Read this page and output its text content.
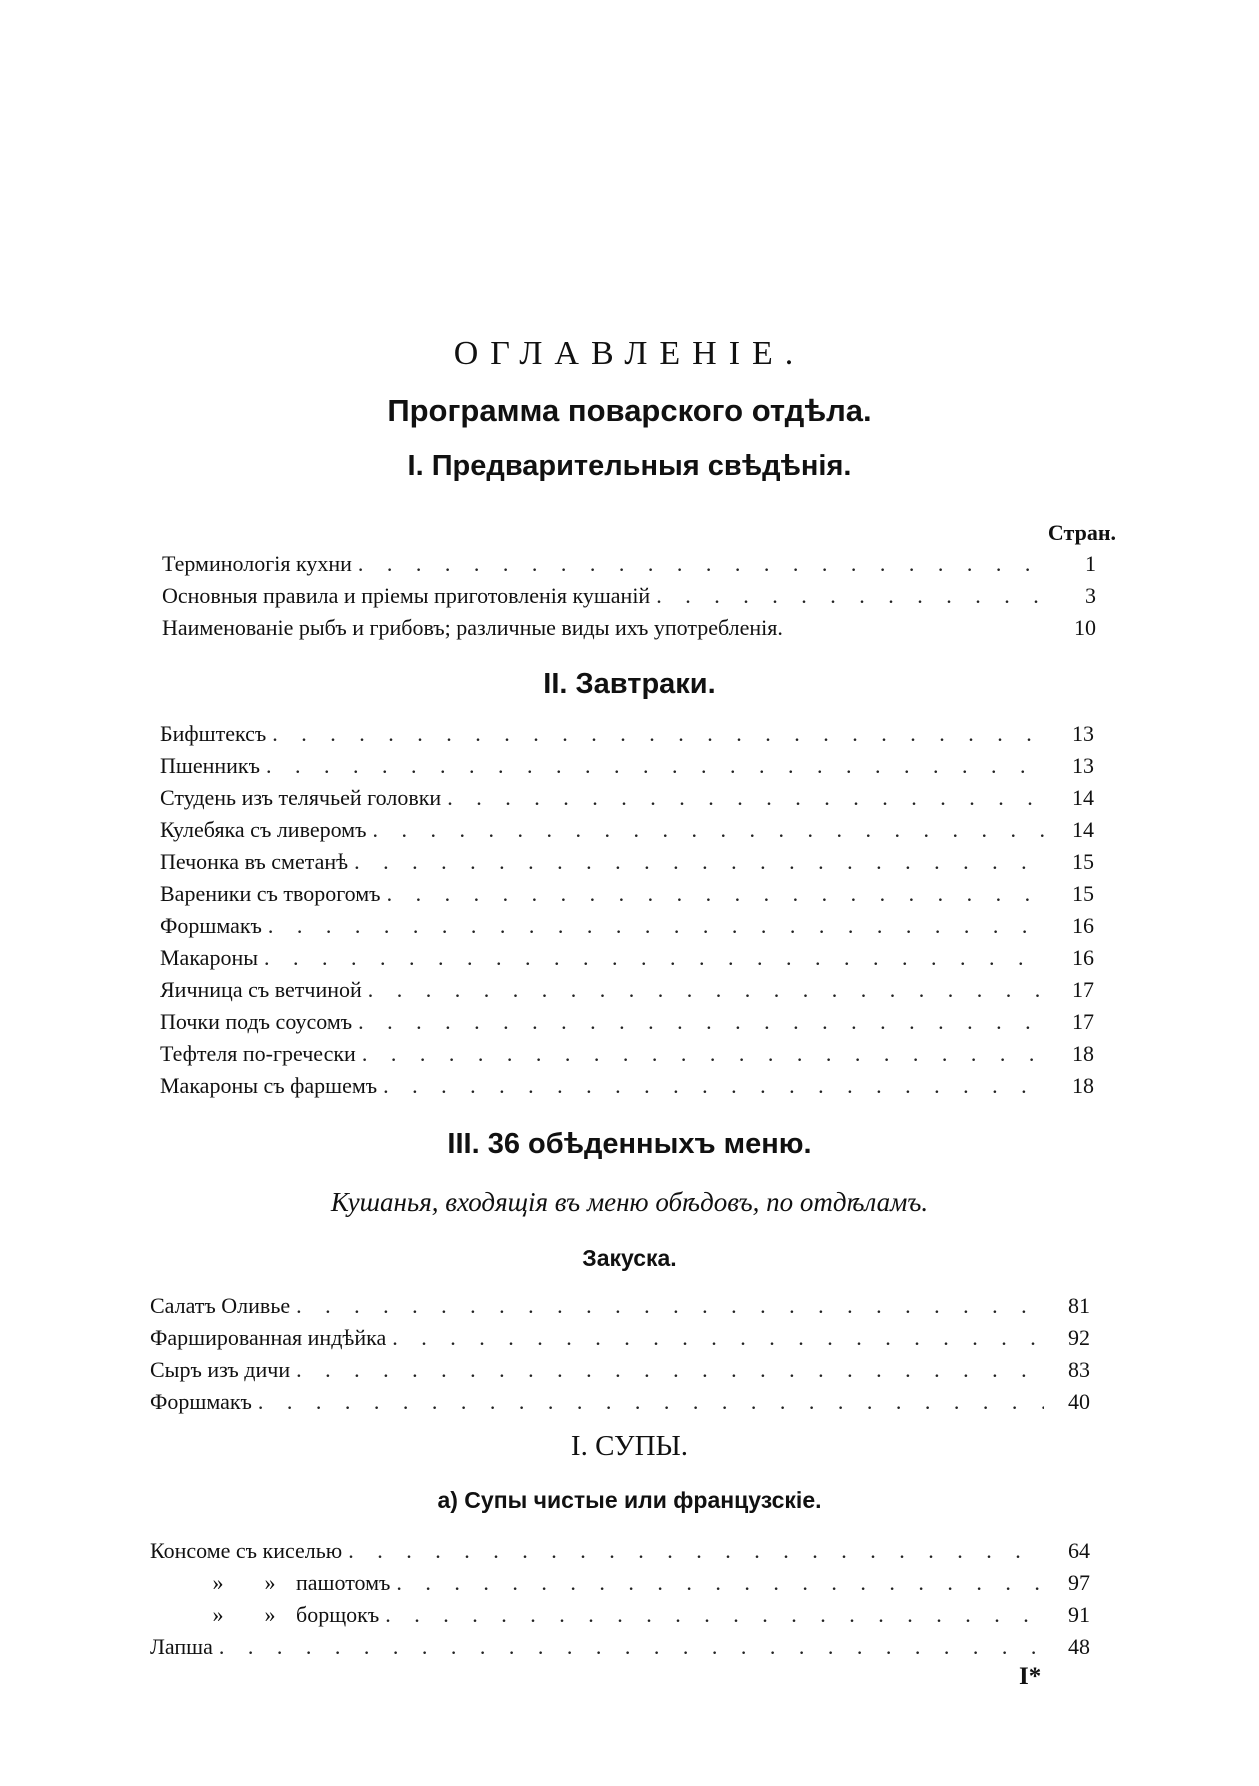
ОГЛАВЛЕНІЕ.
Программа поварского отдѣла.
I. Предварительныя свѣдѣнія.
Стран.
Терминологія кухни . . .	1
Основныя правила и пріемы приготовленія кушаній . . .	3
Наименованіе рыбъ и грибовъ; различные виды ихъ употребленія.	10
II. Завтраки.
Бифштексъ . . .	13
Пшенникъ . . .	13
Студень изъ телячьей головки . . .	14
Кулебяка съ ливеромъ . . .	14
Печонка въ сметанѣ . . .	15
Вареники съ творогомъ . . .	15
Форшмакъ . . .	16
Макароны . . .	16
Яичница съ ветчиной . . .	17
Почки подъ соусомъ . . .	17
Тефтеля по-гречески . . .	18
Макароны съ фаршемъ . . .	18
III. 36 обѣденныхъ меню.
Кушанья, входящія въ меню обѣдовъ, по отдѣламъ.
Закуска.
Салатъ Оливье . . .	81
Фаршированная индѣйка . . .	92
Сыръ изъ дичи . . .	83
Форшмакъ . . .	40
I. СУПЫ.
а) Супы чистые или французскіе.
Консоме съ киселью . . .	64
» » пашотомъ . . .	97
» » борщокъ . . .	91
Лапша . . .	48
I*
